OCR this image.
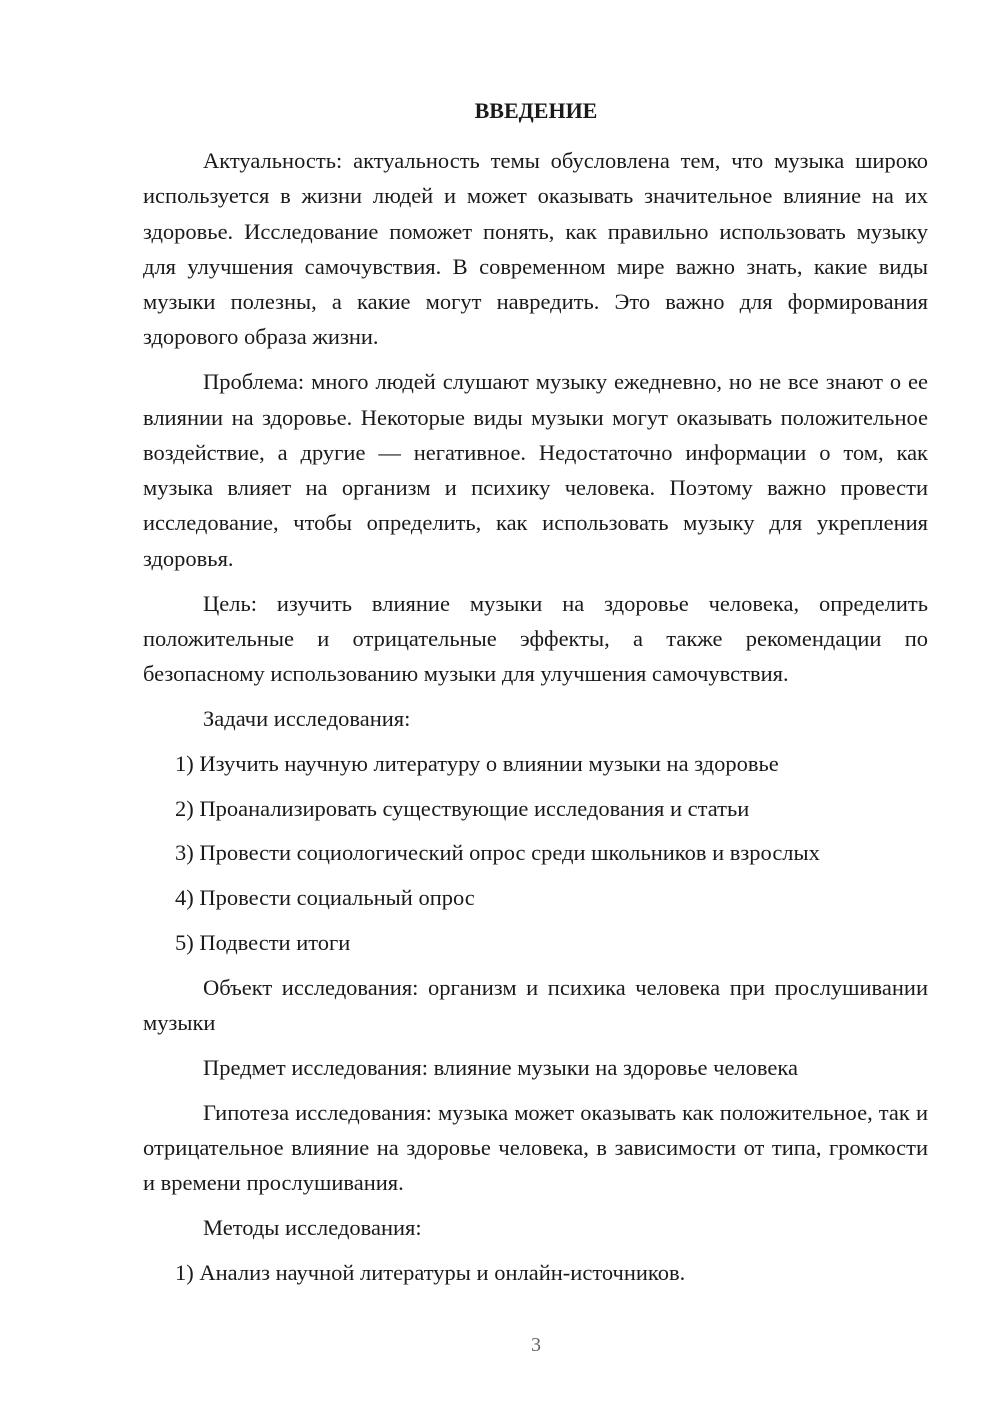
ВВЕДЕНИЕ

Актуальность: актуальность темы обусловлена тем, что музыка широко используется в жизни людей и может оказывать значительное влияние на их здоровье. Исследование поможет понять, как правильно использовать музыку для улучшения самочувствия. В современном мире важно знать, какие виды музыки полезны, а какие могут навредить. Это важно для формирования здорового образа жизни.

Проблема: много людей слушают музыку ежедневно, но не все знают о ее влиянии на здоровье. Некоторые виды музыки могут оказывать положительное воздействие, а другие — негативное. Недостаточно информации о том, как музыка влияет на организм и психику человека. Поэтому важно провести исследование, чтобы определить, как использовать музыку для укрепления здоровья.

Цель: изучить влияние музыки на здоровье человека, определить положительные и отрицательные эффекты, а также рекомендации по безопасному использованию музыки для улучшения самочувствия.

Задачи исследования:

1) Изучить научную литературу о влиянии музыки на здоровье

2) Проанализировать существующие исследования и статьи

3) Провести социологический опрос среди школьников и взрослых

4) Провести социальный опрос

5) Подвести итоги

Объект исследования: организм и психика человека при прослушивании музыки

Предмет исследования: влияние музыки на здоровье человека

Гипотеза исследования: музыка может оказывать как положительное, так и отрицательное влияние на здоровье человека, в зависимости от типа, громкости и времени прослушивания.

Методы исследования:

1) Анализ научной литературы и онлайн-источников.

3
